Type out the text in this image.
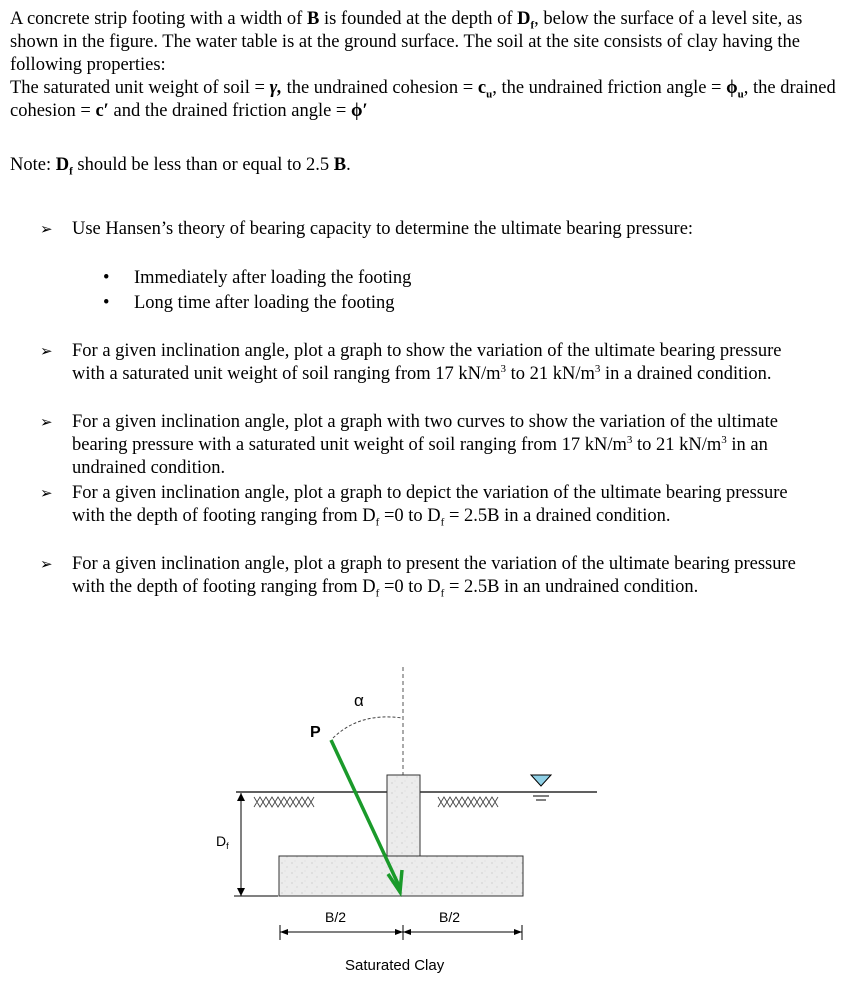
A concrete strip footing with a width of B is founded at the depth of $D_f$, below the surface of a level site, as shown in the figure. The water table is at the ground surface. The soil at the site consists of clay having the following properties:
The saturated unit weight of soil = γ, the undrained cohesion = $c_u$, the undrained friction angle = $\phi_u$, the drained cohesion = c′ and the drained friction angle = ϕ′

Note: $D_f$ should be less than or equal to 2.5 B.

➢ Use Hansen’s theory of bearing capacity to determine the ultimate bearing pressure:
• Immediately after loading the footing
• Long time after loading the footing
➢ For a given inclination angle, plot a graph to show the variation of the ultimate bearing pressure with a saturated unit weight of soil ranging from 17 $kN/m^3$ to 21 $kN/m^3$ in a drained condition.
➢ For a given inclination angle, plot a graph with two curves to show the variation of the ultimate bearing pressure with a saturated unit weight of soil ranging from 17 $kN/m^3$ to 21 $kN/m^3$ in an undrained condition.
➢ For a given inclination angle, plot a graph to depict the variation of the ultimate bearing pressure with the depth of footing ranging from $D_f =0$ to $D_f = 2.5B$ in a drained condition.
➢ For a given inclination angle, plot a graph to present the variation of the ultimate bearing pressure with the depth of footing ranging from $D_f =0$ to $D_f = 2.5B$ in an undrained condition.
$D_f$
α
P
B/2	B/2
Saturated Clay
